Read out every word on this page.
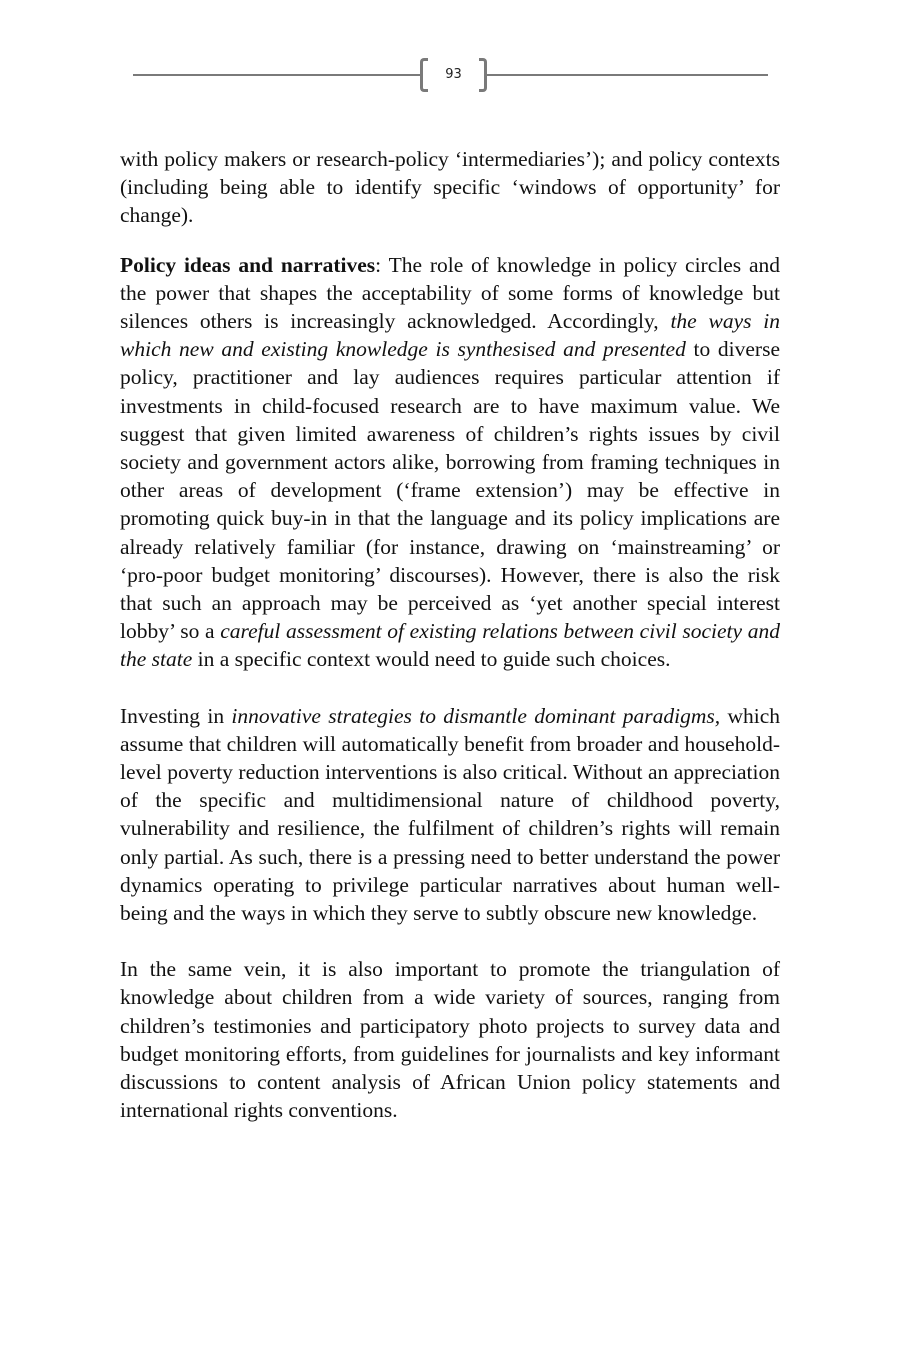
93

with policy makers or research-policy ‘intermediaries’); and policy contexts (including being able to identify specific ‘windows of opportunity’ for change).

Policy ideas and narratives: The role of knowledge in policy circles and the power that shapes the acceptability of some forms of knowledge but silences others is increasingly acknowledged. Accordingly, the ways in which new and existing knowledge is synthesised and presented to diverse policy, practitioner and lay audiences requires particular attention if investments in child-focused research are to have maximum value. We suggest that given limited awareness of children’s rights issues by civil society and government actors alike, borrowing from framing techniques in other areas of development (‘frame extension’) may be effective in promoting quick buy-in in that the language and its policy implications are already relatively familiar (for instance, drawing on ‘mainstreaming’ or ‘pro-poor budget monitoring’ discourses). However, there is also the risk that such an approach may be perceived as ‘yet another special interest lobby’ so a careful assessment of existing relations between civil society and the state in a specific context would need to guide such choices.

Investing in innovative strategies to dismantle dominant paradigms, which assume that children will automatically benefit from broader and household-level poverty reduction interventions is also critical. Without an appreciation of the specific and multidimensional nature of childhood poverty, vulnerability and resilience, the fulfilment of children’s rights will remain only partial. As such, there is a pressing need to better understand the power dynamics operating to privilege particular narratives about human well-being and the ways in which they serve to subtly obscure new knowledge.

In the same vein, it is also important to promote the triangulation of knowledge about children from a wide variety of sources, ranging from children’s testimonies and participatory photo projects to survey data and budget monitoring efforts, from guidelines for journalists and key informant discussions to content analysis of African Union policy statements and international rights conventions.
